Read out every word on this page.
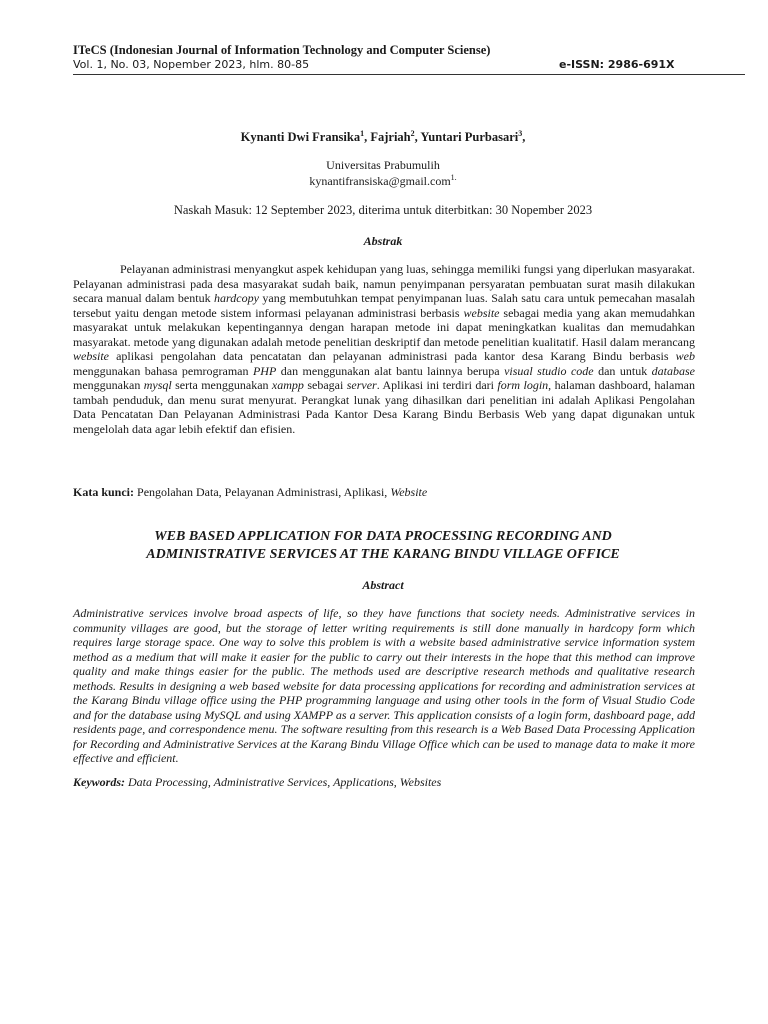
ITeCS (Indonesian Journal of Information Technology and Computer Sciense)
Vol. 1, No. 03, Nopember 2023, hlm. 80-85	e-ISSN: 2986-691X
Kynanti Dwi Fransika$^1$, Fajriah$^2$, Yuntari Purbasari$^3$,
Universitas Prabumulih
kynantifransiska@gmail.com$^{1.}$
Naskah Masuk: 12 September 2023, diterima untuk diterbitkan: 30 Nopember 2023
Abstrak

Pelayanan administrasi menyangkut aspek kehidupan yang luas, sehingga memiliki fungsi yang diperlukan masyarakat. Pelayanan administrasi pada desa masyarakat sudah baik, namun penyimpanan persyaratan pembuatan surat masih dilakukan secara manual dalam bentuk hardcopy yang membutuhkan tempat penyimpanan luas. Salah satu cara untuk pemecahan masalah tersebut yaitu dengan metode sistem informasi pelayanan administrasi berbasis website sebagai media yang akan memudahkan masyarakat untuk melakukan kepentingannya dengan harapan metode ini dapat meningkatkan kualitas dan memudahkan masyarakat. metode yang digunakan adalah metode penelitian deskriptif dan metode penelitian kualitatif. Hasil dalam merancang website aplikasi pengolahan data pencatatan dan pelayanan administrasi pada kantor desa Karang Bindu berbasis web menggunakan bahasa pemrograman PHP dan menggunakan alat bantu lainnya berupa visual studio code dan untuk database menggunakan mysql serta menggunakan xampp sebagai server. Aplikasi ini terdiri dari form login, halaman dashboard, halaman tambah penduduk, dan menu surat menyurat. Perangkat lunak yang dihasilkan dari penelitian ini adalah Aplikasi Pengolahan Data Pencatatan Dan Pelayanan Administrasi Pada Kantor Desa Karang Bindu Berbasis Web yang dapat digunakan untuk mengelolah data agar lebih efektif dan efisien.

Kata kunci: Pengolahan Data, Pelayanan Administrasi, Aplikasi, Website
WEB BASED APPLICATION FOR DATA PROCESSING RECORDING AND
ADMINISTRATIVE SERVICES AT THE KARANG BINDU VILLAGE OFFICE
Abstract

Administrative services involve broad aspects of life, so they have functions that society needs. Administrative services in community villages are good, but the storage of letter writing requirements is still done manually in hardcopy form which requires large storage space. One way to solve this problem is with a website based administrative service information system method as a medium that will make it easier for the public to carry out their interests in the hope that this method can improve quality and make things easier for the public. The methods used are descriptive research methods and qualitative research methods. Results in designing a web based website for data processing applications for recording and administration services at the Karang Bindu village office using the PHP programming language and using other tools in the form of Visual Studio Code and for the database using MySQL and using XAMPP as a server. This application consists of a login form, dashboard page, add residents page, and correspondence menu. The software resulting from this research is a Web Based Data Processing Application for Recording and Administrative Services at the Karang Bindu Village Office which can be used to manage data to make it more effective and efficient.

Keywords: Data Processing, Administrative Services, Applications, Websites
